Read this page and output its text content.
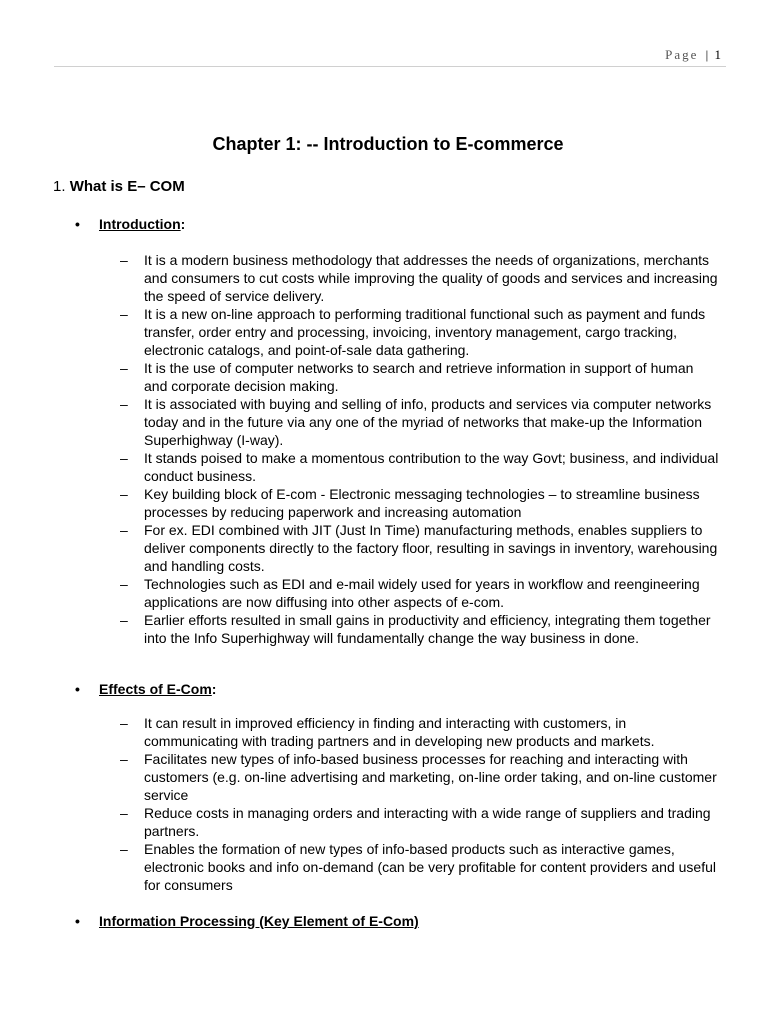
Page | 1
Chapter 1: -- Introduction to E-commerce
1. What is E– COM
• Introduction:
– It is a modern business methodology that addresses the needs of organizations, merchants and consumers to cut costs while improving the quality of goods and services and increasing the speed of service delivery.
– It is a new on-line approach to performing traditional functional such as payment and funds transfer, order entry and processing, invoicing, inventory management, cargo tracking, electronic catalogs, and point-of-sale data gathering.
– It is the use of computer networks to search and retrieve information in support of human and corporate decision making.
– It is associated with buying and selling of info, products and services via computer networks today and in the future via any one of the myriad of networks that make-up the Information Superhighway (I-way).
– It stands poised to make a momentous contribution to the way Govt; business, and individual conduct business.
– Key building block of E-com - Electronic messaging technologies – to streamline business processes by reducing paperwork and increasing automation
– For ex. EDI combined with JIT (Just In Time) manufacturing methods, enables suppliers to deliver components directly to the factory floor, resulting in savings in inventory, warehousing and handling costs.
– Technologies such as EDI and e-mail widely used for years in workflow and reengineering applications are now diffusing into other aspects of e-com.
– Earlier efforts resulted in small gains in productivity and efficiency, integrating them together into the Info Superhighway will fundamentally change the way business in done.
• Effects of E-Com:
– It can result in improved efficiency in finding and interacting with customers, in communicating with trading partners and in developing new products and markets.
– Facilitates new types of info-based business processes for reaching and interacting with customers (e.g. on-line advertising and marketing, on-line order taking, and on-line customer service
– Reduce costs in managing orders and interacting with a wide range of suppliers and trading partners.
– Enables the formation of new types of info-based products such as interactive games, electronic books and info on-demand (can be very profitable for content providers and useful for consumers
• Information Processing (Key Element of E-Com)
